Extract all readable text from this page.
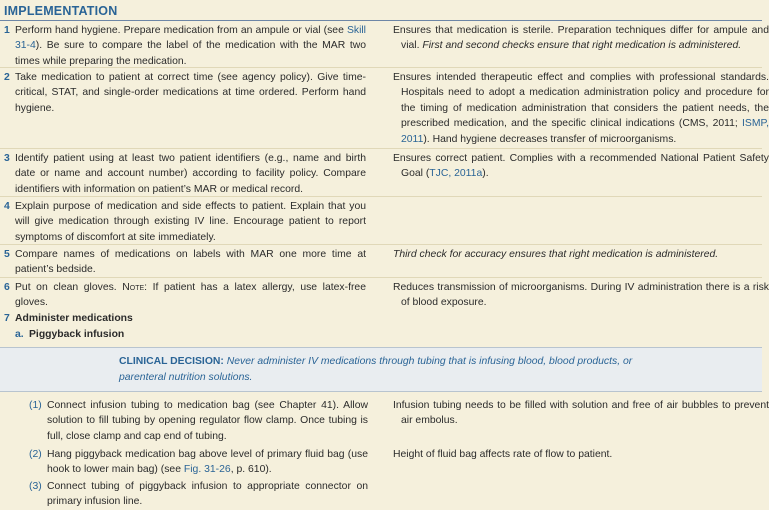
IMPLEMENTATION
1 Perform hand hygiene. Prepare medication from an ampule or vial (see Skill 31-4). Be sure to compare the label of the medication with the MAR two times while preparing the medication.
Ensures that medication is sterile. Preparation techniques differ for ampule and vial. First and second checks ensure that right medication is administered.
2 Take medication to patient at correct time (see agency policy). Give time-critical, STAT, and single-order medications at time ordered. Perform hand hygiene.
Ensures intended therapeutic effect and complies with professional standards. Hospitals need to adopt a medication administration policy and procedure for the timing of medication administration that considers the patient needs, the prescribed medication, and the specific clinical indications (CMS, 2011; ISMP, 2011). Hand hygiene decreases transfer of microorganisms.
3 Identify patient using at least two patient identifiers (e.g., name and birth date or name and account number) according to facility policy. Compare identifiers with information on patient’s MAR or medical record.
Ensures correct patient. Complies with a recommended National Patient Safety Goal (TJC, 2011a).
4 Explain purpose of medication and side effects to patient. Explain that you will give medication through existing IV line. Encourage patient to report symptoms of discomfort at site immediately.
5 Compare names of medications on labels with MAR one more time at patient’s bedside.
Third check for accuracy ensures that right medication is administered.
6 Put on clean gloves. Note: If patient has a latex allergy, use latex-free gloves.
Reduces transmission of microorganisms. During IV administration there is a risk of blood exposure.
7 Administer medications
a. Piggyback infusion
CLINICAL DECISION: Never administer IV medications through tubing that is infusing blood, blood products, or parenteral nutrition solutions.
(1) Connect infusion tubing to medication bag (see Chapter 41). Allow solution to fill tubing by opening regulator flow clamp. Once tubing is full, close clamp and cap end of tubing.
Infusion tubing needs to be filled with solution and free of air bubbles to prevent air embolus.
(2) Hang piggyback medication bag above level of primary fluid bag (use hook to lower main bag) (see Fig. 31-26, p. 610).
Height of fluid bag affects rate of flow to patient.
(3) Connect tubing of piggyback infusion to appropriate connector on primary infusion line.
